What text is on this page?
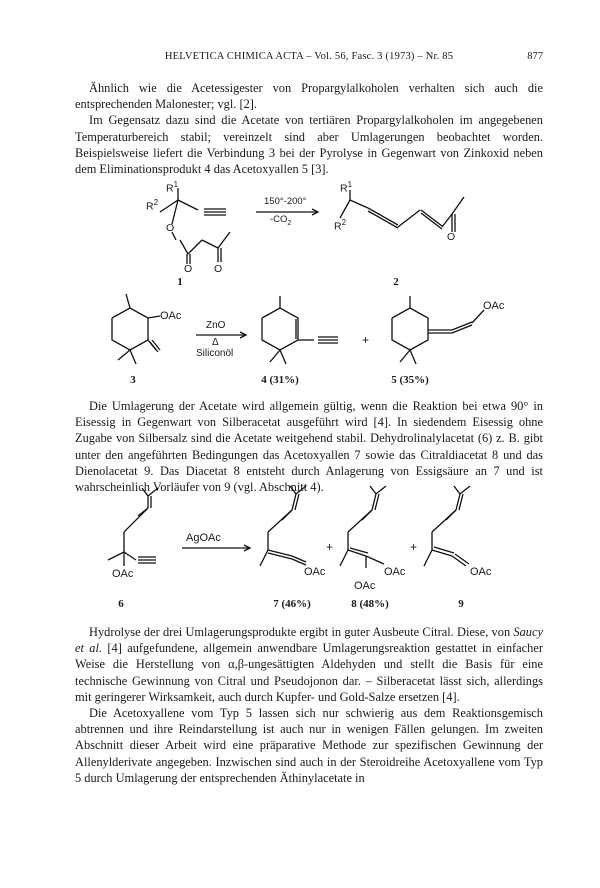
HELVETICA CHIMICA ACTA – Vol. 56, Fasc. 3 (1973) – Nr. 85	877

Ähnlich wie die Acetessigester von Propargylalkoholen verhalten sich auch die entsprechenden Malonester; vgl. [2].

Im Gegensatz dazu sind die Acetate von tertiären Propargylalkoholen im angegebenen Temperaturbereich stabil; vereinzelt sind aber Umlagerungen beobachtet worden. Beispielsweise liefert die Verbindung 3 bei der Pyrolyse in Gegenwart von Zinkoxid neben dem Eliminationsprodukt 4 das Acetoxyallen 5 [3].

$R^1$
$R^2$
O
O O
150°-200°
$-CO_2$
$R^1$
$R^2$
O
1	2
OAc
ZnO
Δ
Siliconöl
+
OAc
3	4 (31%)	5 (35%)

Die Umlagerung der Acetate wird allgemein gültig, wenn die Reaktion bei etwa 90° in Eisessig in Gegenwart von Silberacetat ausgeführt wird [4]. In siedendem Eisessig ohne Zugabe von Silbersalz sind die Acetate weitgehend stabil. Dehydrolinalylacetat (6) z. B. gibt unter den angeführten Bedingungen das Acetoxyallen 7 sowie das Citraldiacetat 8 und das Dienolacetat 9. Das Diacetat 8 entsteht durch Anlagerung von Essigsäure an 7 und ist wahrscheinlich Vorläufer von 9 (vgl. Abschnitt 4).

AgOAc
OAc	OAc
+
OAc
OAc
+
OAc
6	7 (46%)	8 (48%)	9

Hydrolyse der drei Umlagerungsprodukte ergibt in guter Ausbeute Citral. Diese, von Saucy et al. [4] aufgefundene, allgemein anwendbare Umlagerungsreaktion gestattet in einfacher Weise die Herstellung von α,β-ungesättigten Aldehyden und stellt die Basis für eine technische Gewinnung von Citral und Pseudojonon dar. – Silberacetat lässt sich, allerdings mit geringerer Wirksamkeit, auch durch Kupfer- und Gold-Salze ersetzen [4].

Die Acetoxyallene vom Typ 5 lassen sich nur schwierig aus dem Reaktionsgemisch abtrennen und ihre Reindarstellung ist auch nur in wenigen Fällen gelungen. Im zweiten Abschnitt dieser Arbeit wird eine präparative Methode zur spezifischen Gewinnung der Allenylderivate angegeben. Inzwischen sind auch in der Steroidreihe Acetoxyallene vom Typ 5 durch Umlagerung der entsprechenden Äthinylacetate in
